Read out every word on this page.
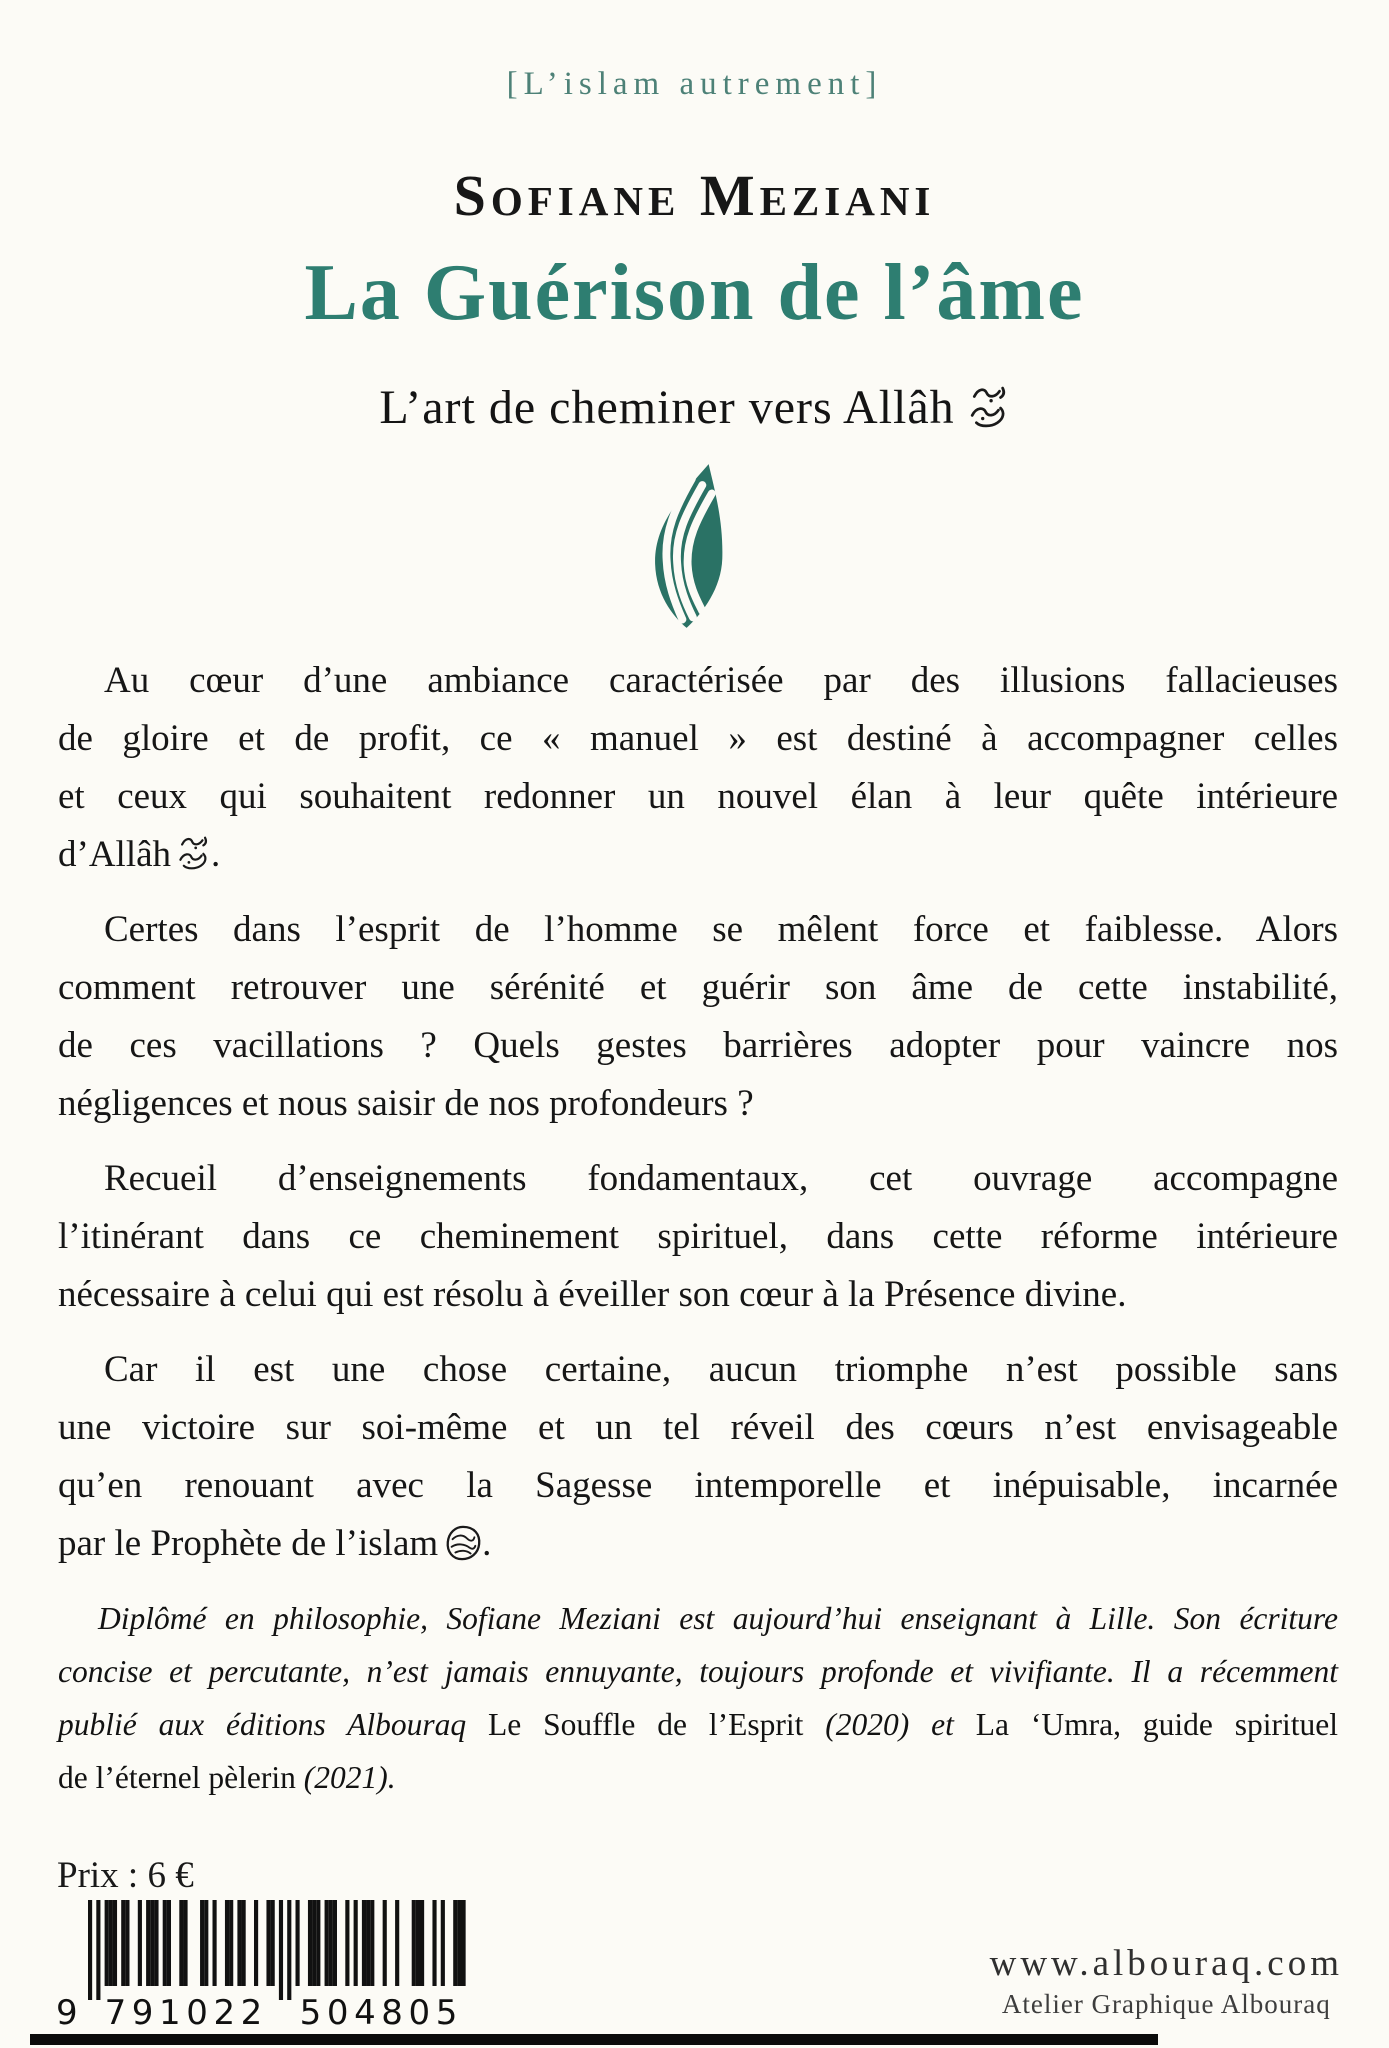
[L’islam autrement]
Sofiane Meziani
La Guérison de l’âme
L’art de cheminer vers Allâh
Au cœur d’une ambiance caractérisée par des illusions fallacieuses
de gloire et de profit, ce « manuel » est destiné à accompagner celles
et ceux qui souhaitent redonner un nouvel élan à leur quête intérieure
d’Allâh .
Certes dans l’esprit de l’homme se mêlent force et faiblesse. Alors
comment retrouver une sérénité et guérir son âme de cette instabilité,
de ces vacillations ? Quels gestes barrières adopter pour vaincre nos
négligences et nous saisir de nos profondeurs ?
Recueil d’enseignements fondamentaux, cet ouvrage accompagne
l’itinérant dans ce cheminement spirituel, dans cette réforme intérieure
nécessaire à celui qui est résolu à éveiller son cœur à la Présence divine.
Car il est une chose certaine, aucun triomphe n’est possible sans
une victoire sur soi-même et un tel réveil des cœurs n’est envisageable
qu’en renouant avec la Sagesse intemporelle et inépuisable, incarnée
par le Prophète de l’islam .
Diplômé en philosophie, Sofiane Meziani est aujourd’hui enseignant à Lille. Son écriture
concise et percutante, n’est jamais ennuyante, toujours profonde et vivifiante. Il a récemment
publié aux éditions Albouraq Le Souffle de l’Esprit (2020) et La ‘Umra, guide spirituel
de l’éternel pèlerin (2021).
Prix : 6 €
9 791022 504805
www.albouraq.com
Atelier Graphique Albouraq
